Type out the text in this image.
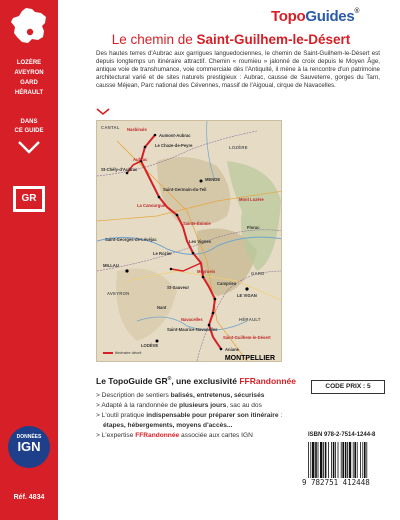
LOZÈRE
AVEYRON
GARD
HÉRAULT
DANS
CE GUIDE
GR
DONNÉES
IGN
Réf. 4834
TopoGuides®
Le chemin de Saint-Guilhem-le-Désert
Des hautes terres d'Aubrac aux garrigues languedociennes, le chemin de Saint-Guilhem-le-Désert est depuis longtemps un itinéraire attractif. Chemin « roumieu » jalonné de croix depuis le Moyen Âge, antique voie de transhumance, voie commerciale dès l'Antiquité, il mène à la rencontre d'un patrimoine architectural varié et de sites naturels prestigieux : Aubrac, causse de Sauveterre, gorges du Tarn, causse Méjean, Parc national des Cévennes, massif de l'Aigoual, cirque de Navacelles.
Nasbinals
Aumont-Aubrac
Le Chaze-de-Peyre
St-Chély-d'Aubrac
Aubrac
Saint-Germain-du-Teil
La Canourgue
MENDE
Sainte-Énimie
Les Vignes
Saint-Georges-de-Lévéjac
MILLAU
Meyrueis
Le Rozier
Camprieu
St-Sauveur
LE VIGAN
Nant
Navacelles
Saint-Maurice-Navacelles
LODÈVE
Saint-Guilhem-le-Désert
Aniane
Florac
Mont Lozère
CANTAL
LOZÈRE
AVEYRON
GARD
HÉRAULT
Itinéraire décrit
MONTPELLIER
Le TopoGuide GR®, une exclusivité FFRandonnée
> Description de sentiers balisés, entretenus, sécurisés
> Adapté à la randonnée de plusieurs jours, sac au dos
> L'outil pratique indispensable pour préparer son itinéraire :
étapes, hébergements, moyens d'accès...
> L'expertise FFRandonnée associée aux cartes IGN
CODE PRIX : 5
ISBN 978-2-7514-1244-8
9 782751 412448
